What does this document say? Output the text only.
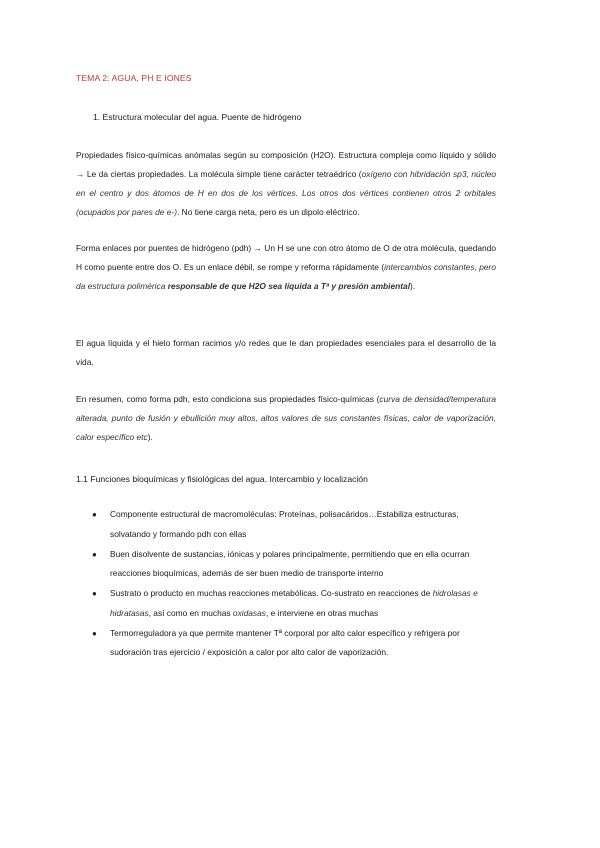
TEMA 2: AGUA, PH E IONES
1. Estructura molecular del agua. Puente de hidrógeno
Propiedades físico-químicas anómalas según su composición (H2O). Estructura compleja como líquido y sólido → Le da ciertas propiedades. La molécula simple tiene carácter tetraédrico (oxígeno con hibridación sp3, núcleo en el centro y dos átomos de H en dos de los vértices. Los otros dos vértices contienen otros 2 orbitales (ocupados por pares de e-). No tiene carga neta, pero es un dipolo eléctrico.
Forma enlaces por puentes de hidrógeno (pdh) → Un H se une con otro átomo de O de otra molécula, quedando H como puente entre dos O. Es un enlace débil, se rompe y reforma rápidamente (intercambios constantes, pero da estructura polimérica responsable de que H2O sea líquida a Tª y presión ambiental).
El agua líquida y el hielo forman racimos y/o redes que le dan propiedades esenciales para el desarrollo de la vida.
En resumen, como forma pdh, esto condiciona sus propiedades físico-químicas (curva de densidad/temperatura alterada, punto de fusión y ebullición muy altos, altos valores de sus constantes físicas, calor de vaporización, calor específico etc).
1.1 Funciones bioquímicas y fisiológicas del agua. Intercambio y localización
● Componente estructural de macromoléculas: Proteínas, polisacáridos…Estabiliza estructuras, solvatando y formando pdh con ellas
● Buen disolvente de sustancias, iónicas y polares principalmente, permitiendo que en ella ocurran reacciones bioquímicas, además de ser buen medio de transporte interno
● Sustrato o producto en muchas reacciones metabólicas. Co-sustrato en reacciones de hidrolasas e hidratasas, así como en muchas oxidasas, e interviene en otras muchas
● Termorreguladora ya que permite mantener Tª corporal por alto calor específico y refrigera por sudoración tras ejercicio / exposición a calor por alto calor de vaporización.
